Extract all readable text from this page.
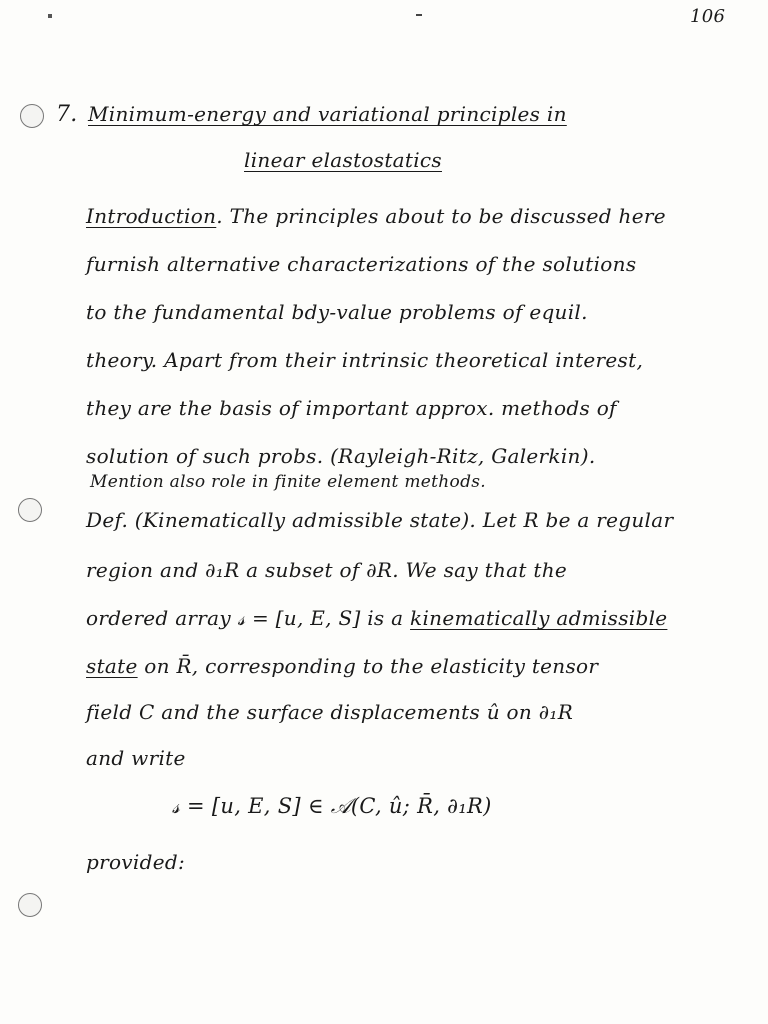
106
7. Minimum-energy and variational principles in
linear elastostatics
Introduction. The principles about to be discussed here
furnish alternative characterizations of the solutions
to the fundamental bdy-value problems of equil.
theory. Apart from their intrinsic theoretical interest,
they are the basis of important approx. methods of
solution of such probs. (Rayleigh-Ritz, Galerkin).
Mention also role in finite element methods.
Def. (Kinematically admissible state). Let R be a regular
region and ∂₁R a subset of ∂R. We say that the
ordered array 𝓈 = [u, E, S] is a kinematically admissible
state on R̄, corresponding to the elasticity tensor
field C and the surface displacements û on ∂₁R
and write
𝓈 = [u, E, S] ∈ 𝒜(C, û; R̄, ∂₁R)
provided:
